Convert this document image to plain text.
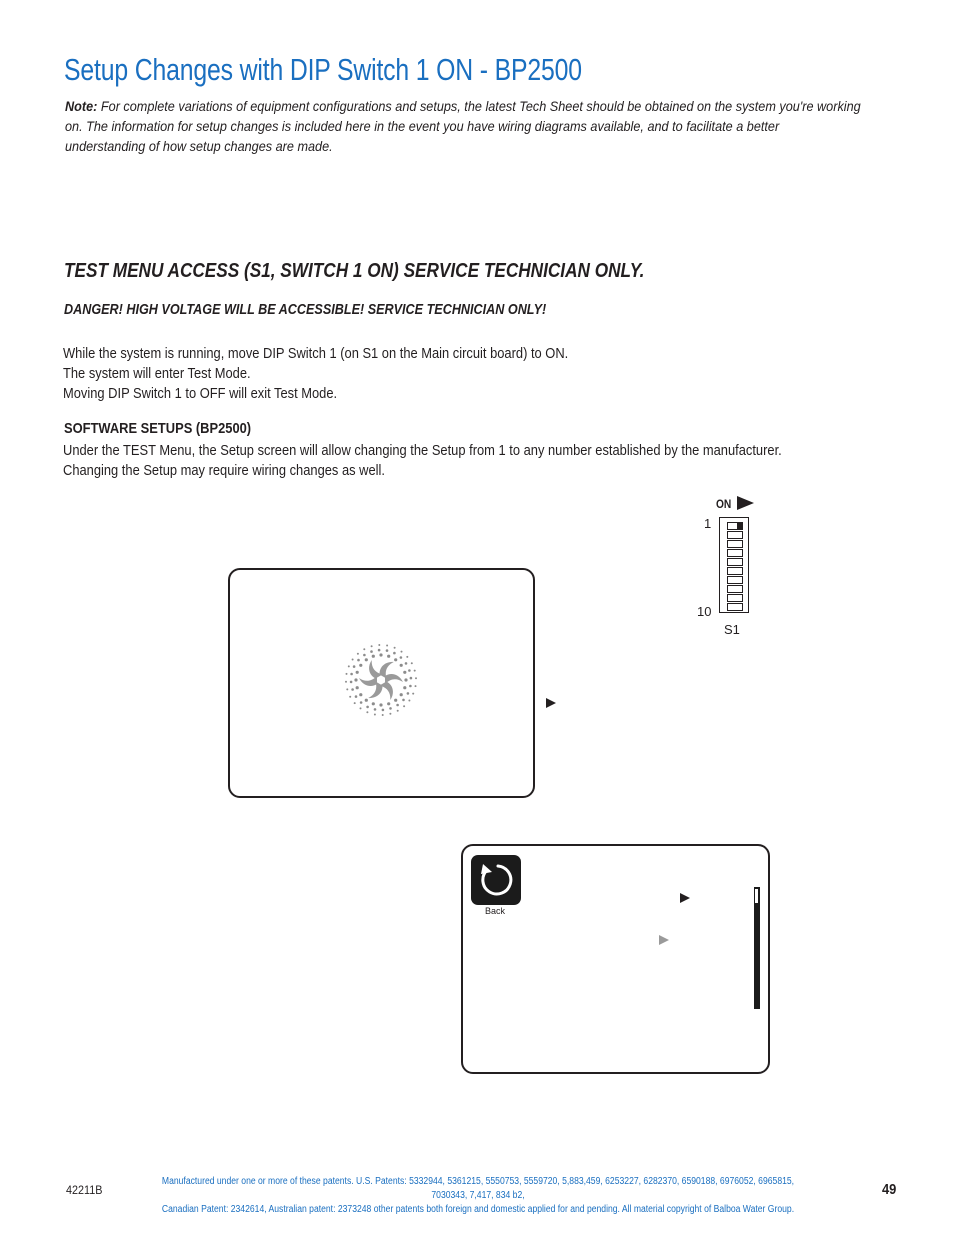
Setup Changes with DIP Switch 1 ON - BP2500
Note: For complete variations of equipment configurations and setups, the latest Tech Sheet should be obtained on the system you're working on. The information for setup changes is included here in the event you have wiring diagrams available, and to facilitate a better understanding of how setup changes are made.
TEST MENU ACCESS (S1, SWITCH 1 ON) SERVICE TECHNICIAN ONLY.
DANGER! HIGH VOLTAGE WILL BE ACCESSIBLE! SERVICE TECHNICIAN ONLY!
While the system is running, move DIP Switch 1 (on S1 on the Main circuit board) to ON.
The system will enter Test Mode.
Moving DIP Switch 1 to OFF will exit Test Mode.
SOFTWARE SETUPS (BP2500)
Under the TEST Menu, the Setup screen will allow changing the Setup from 1 to any number established by the manufacturer. Changing the Setup may require wiring changes as well.
ON
1
10
S1
Back
42211B
Manufactured under one or more of these patents. U.S. Patents: 5332944, 5361215, 5550753, 5559720, 5,883,459, 6253227, 6282370, 6590188, 6976052, 6965815, 7030343, 7,417, 834 b2,
Canadian Patent: 2342614, Australian patent: 2373248 other patents both foreign and domestic applied for and pending. All material copyright of Balboa Water Group.
49
